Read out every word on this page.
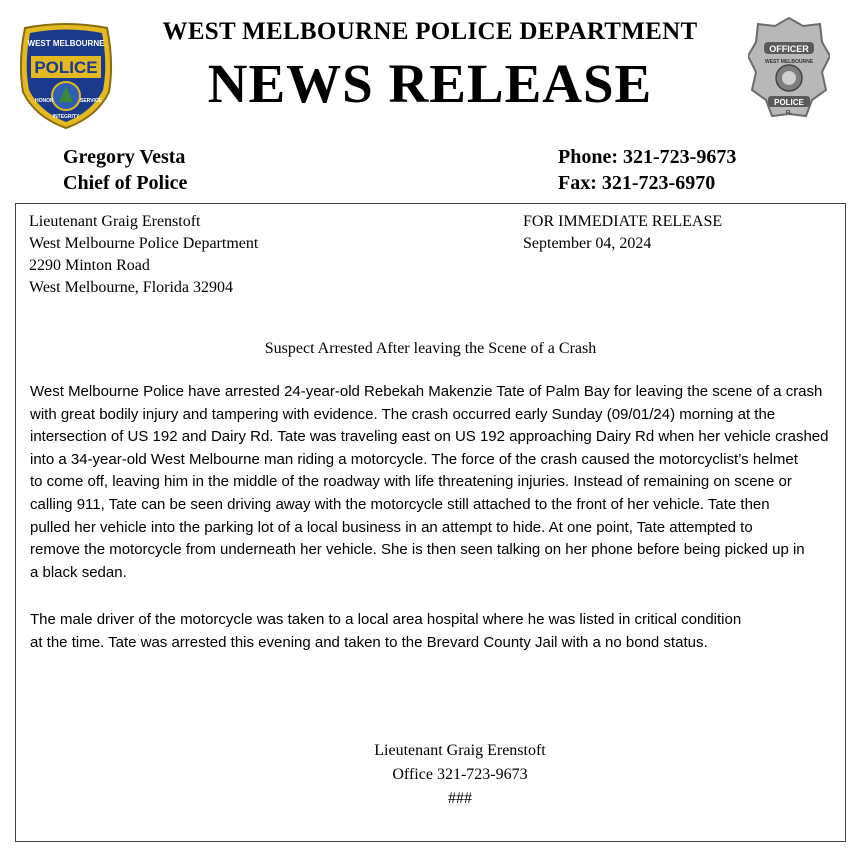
WEST MELBOURNE
POLICE
HONOR	SERVICE
INTEGRITY
OFFICER
WEST MELBOURNE
POLICE
FL
WEST MELBOURNE POLICE DEPARTMENT
NEWS RELEASE
Gregory Vesta
Chief of Police
Phone: 321-723-9673
Fax: 321-723-6970
Lieutenant Graig Erenstoft
West Melbourne Police Department
2290 Minton Road
West Melbourne, Florida 32904
FOR IMMEDIATE RELEASE
September 04, 2024
Suspect Arrested After leaving the Scene of a Crash
West Melbourne Police have arrested 24-year-old Rebekah Makenzie Tate of Palm Bay for leaving the scene of a crash
with great bodily injury and tampering with evidence. The crash occurred early Sunday (09/01/24) morning at the
intersection of US 192 and Dairy Rd. Tate was traveling east on US 192 approaching Dairy Rd when her vehicle crashed
into a 34-year-old West Melbourne man riding a motorcycle. The force of the crash caused the motorcyclist’s helmet
to come off, leaving him in the middle of the roadway with life threatening injuries. Instead of remaining on scene or
calling 911, Tate can be seen driving away with the motorcycle still attached to the front of her vehicle. Tate then
pulled her vehicle into the parking lot of a local business in an attempt to hide. At one point, Tate attempted to
remove the motorcycle from underneath her vehicle. She is then seen talking on her phone before being picked up in
a black sedan.
The male driver of the motorcycle was taken to a local area hospital where he was listed in critical condition
at the time. Tate was arrested this evening and taken to the Brevard County Jail with a no bond status.
Lieutenant Graig Erenstoft
Office 321-723-9673
###
